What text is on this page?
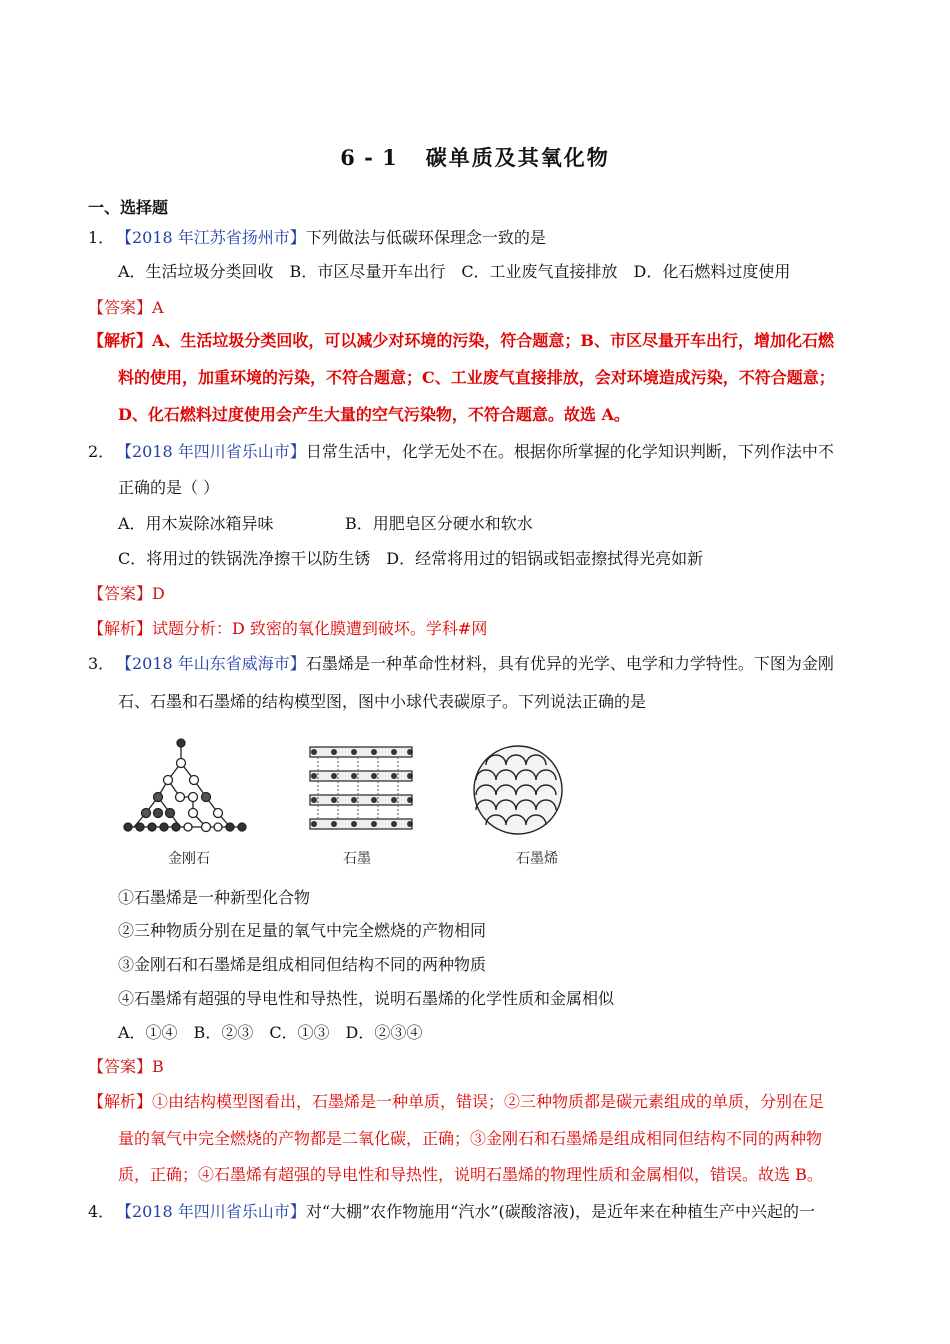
6 - 1 碳单质及其氧化物
一、选择题
1． 【2018 年江苏省扬州市】下列做法与低碳环保理念一致的是
A．生活垃圾分类回收　B．市区尽量开车出行　C．工业废气直接排放　D．化石燃料过度使用
【答案】A
【解析】A、生活垃圾分类回收，可以减少对环境的污染，符合题意；B、市区尽量开车出行，增加化石燃
料的使用，加重环境的污染，不符合题意；C、工业废气直接排放，会对环境造成污染，不符合题意；
D、化石燃料过度使用会产生大量的空气污染物，不符合题意。故选 A。
2． 【2018 年四川省乐山市】日常生活中，化学无处不在。根据你所掌握的化学知识判断，下列作法中不
正确的是（ ）
A．用木炭除冰箱异味	B．用肥皂区分硬水和软水
C．将用过的铁锅洗净擦干以防生锈　D．经常将用过的铝锅或铝壶擦拭得光亮如新
【答案】D
【解析】试题分析：D 致密的氧化膜遭到破坏。学科#网
3． 【2018 年山东省威海市】石墨烯是一种革命性材料，具有优异的光学、电学和力学特性。下图为金刚
石、石墨和石墨烯的结构模型图，图中小球代表碳原子。下列说法正确的是
金刚石	石墨	石墨烯
①石墨烯是一种新型化合物
②三种物质分别在足量的氧气中完全燃烧的产物相同
③金刚石和石墨烯是组成相同但结构不同的两种物质
④石墨烯有超强的导电性和导热性，说明石墨烯的化学性质和金属相似
A．①④　B．②③　C．①③　D．②③④
【答案】B
【解析】①由结构模型图看出，石墨烯是一种单质，错误；②三种物质都是碳元素组成的单质，分别在足
量的氧气中完全燃烧的产物都是二氧化碳，正确；③金刚石和石墨烯是组成相同但结构不同的两种物
质，正确；④石墨烯有超强的导电性和导热性，说明石墨烯的物理性质和金属相似，错误。故选 B。
4． 【2018 年四川省乐山市】对“大棚”农作物施用“汽水”(碳酸溶液)，是近年来在种植生产中兴起的一
